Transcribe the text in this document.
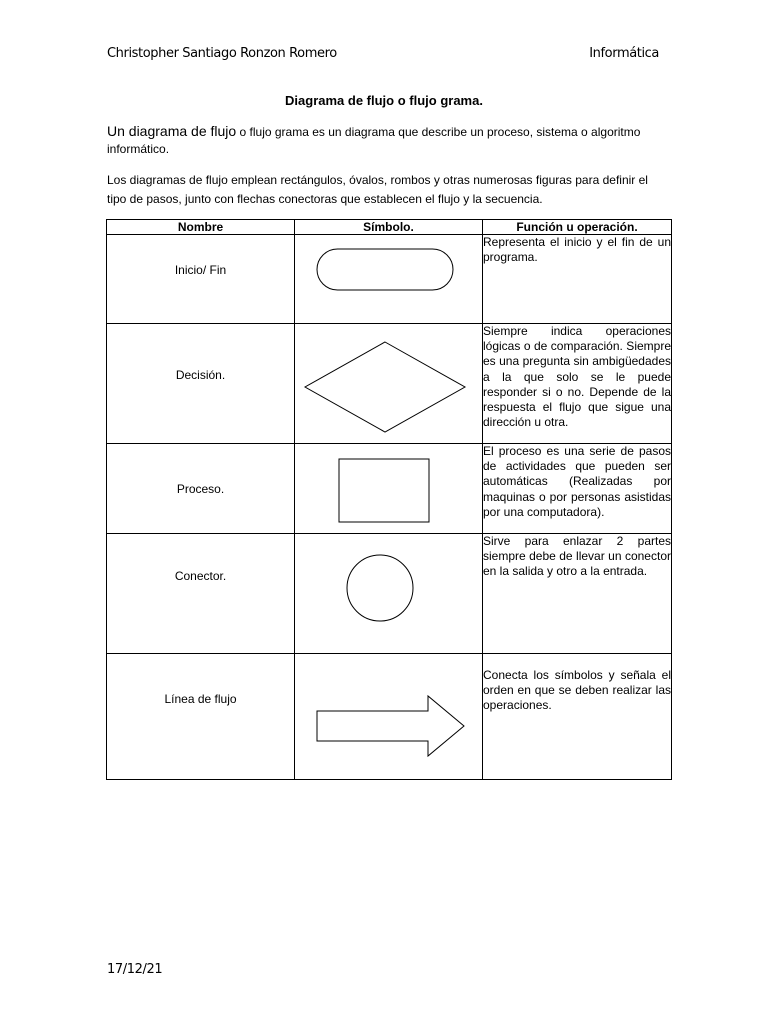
Christopher Santiago Ronzon Romero	Informática
Diagrama de flujo o flujo grama.

Un diagrama de flujo o flujo grama es un diagrama que describe un proceso, sistema o algoritmo informático.

Los diagramas de flujo emplean rectángulos, óvalos, rombos y otras numerosas figuras para definir el tipo de pasos, junto con flechas conectoras que establecen el flujo y la secuencia.

Nombre	Símbolo.	Función u operación.
Inicio/ Fin		Representa el inicio y el fin de un programa.
Decisión.		Siempre indica operaciones lógicas o de comparación. Siempre es una pregunta sin ambigüedades a la que solo se le puede responder si o no. Depende de la respuesta el flujo que sigue una dirección u otra.
Proceso.		El proceso es una serie de pasos de actividades que pueden ser automáticas (Realizadas por maquinas o por personas asistidas por una computadora).
Conector.		Sirve para enlazar 2 partes siempre debe de llevar un conector en la salida y otro a la entrada.
Línea de flujo		Conecta los símbolos y señala el orden en que se deben realizar las operaciones.
17/12/21
